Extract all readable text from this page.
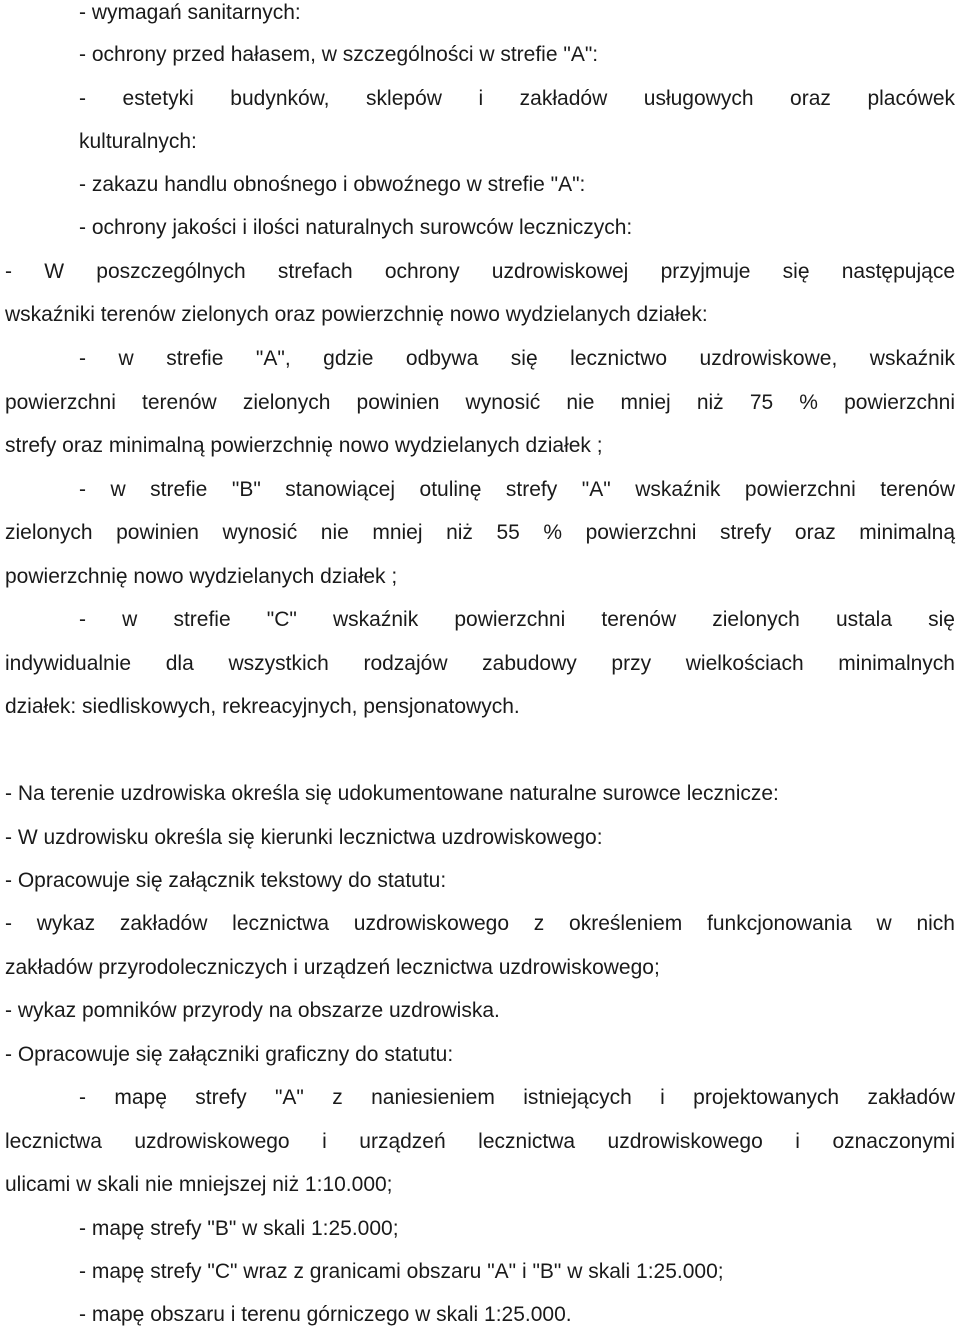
- wymagań sanitarnych:
- ochrony przed hałasem, w szczególności w strefie "A":
- estetyki budynków, sklepów i zakładów usługowych oraz placówek
kulturalnych:
- zakazu handlu obnośnego i obwoźnego w strefie "A":
- ochrony jakości i ilości naturalnych surowców leczniczych:
- W poszczególnych strefach ochrony uzdrowiskowej przyjmuje się następujące
wskaźniki terenów zielonych oraz powierzchnię nowo wydzielanych działek:
- w strefie "A", gdzie odbywa się lecznictwo uzdrowiskowe, wskaźnik
powierzchni terenów zielonych powinien wynosić nie mniej niż 75 % powierzchni
strefy oraz minimalną powierzchnię nowo wydzielanych działek ;
- w strefie "B" stanowiącej otulinę strefy "A" wskaźnik powierzchni terenów
zielonych powinien wynosić nie mniej niż 55 % powierzchni strefy oraz minimalną
powierzchnię nowo wydzielanych działek ;
- w strefie "C" wskaźnik powierzchni terenów zielonych ustala się
indywidualnie dla wszystkich rodzajów zabudowy przy wielkościach minimalnych
działek: siedliskowych, rekreacyjnych, pensjonatowych.
- Na terenie uzdrowiska określa się udokumentowane naturalne surowce lecznicze:
- W uzdrowisku określa się kierunki lecznictwa uzdrowiskowego:
- Opracowuje się załącznik tekstowy do statutu:
- wykaz zakładów lecznictwa uzdrowiskowego z określeniem funkcjonowania w nich
zakładów przyrodoleczniczych i urządzeń lecznictwa uzdrowiskowego;
- wykaz pomników przyrody na obszarze uzdrowiska.
- Opracowuje się załączniki graficzny do statutu:
- mapę strefy "A" z naniesieniem istniejących i projektowanych zakładów
lecznictwa uzdrowiskowego i urządzeń lecznictwa uzdrowiskowego i oznaczonymi
ulicami w skali nie mniejszej niż 1:10.000;
- mapę strefy "B" w skali 1:25.000;
- mapę strefy "C" wraz z granicami obszaru "A" i "B" w skali 1:25.000;
- mapę obszaru i terenu górniczego w skali 1:25.000.
